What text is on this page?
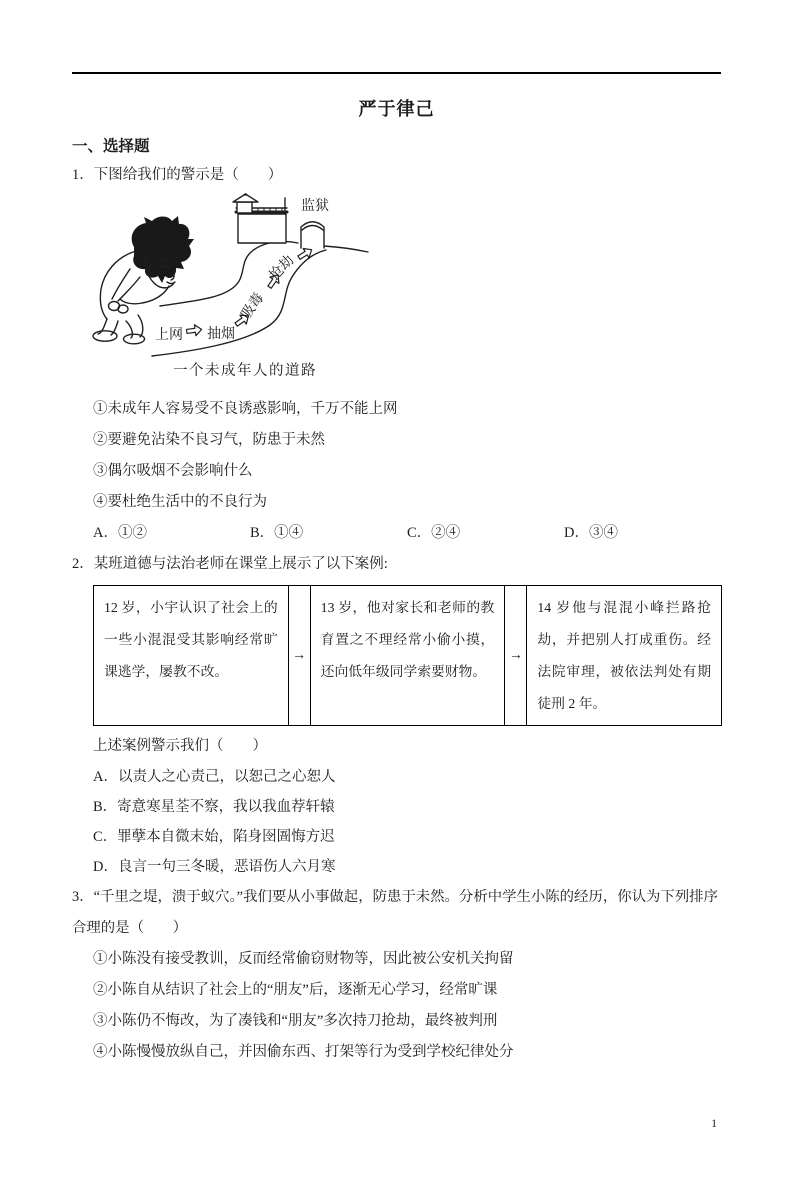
严于律己
一、选择题

1．下图给我们的警示是（　　）

上网 抽烟
吸毒
抢劫
监狱
一个未成年人的道路

①未成年人容易受不良诱惑影响，千万不能上网

②要避免沾染不良习气，防患于未然

③偶尔吸烟不会影响什么

④要杜绝生活中的不良行为

A．①②	B．①④	C．②④	D．③④

2．某班道德与法治老师在课堂上展示了以下案例:

12 岁，小宇认识了社会上的一些小混混受其影响经常旷课逃学，屡教不改。
→
13 岁，他对家长和老师的教育置之不理经常小偷小摸，还向低年级同学索要财物。
→
14 岁他与混混小峰拦路抢劫，并把别人打成重伤。经法院审理，被依法判处有期徒刑 2 年。

上述案例警示我们（　　）

A．以责人之心责己，以恕己之心恕人

B．寄意寒星荃不察，我以我血荐轩辕

C．罪孽本自微末始，陷身囹圄悔方迟

D．良言一句三冬暖，恶语伤人六月寒

3．“千里之堤，溃于蚁穴。”我们要从小事做起，防患于未然。分析中学生小陈的经历，你认为下列排序合理的是（　　）

①小陈没有接受教训，反而经常偷窃财物等，因此被公安机关拘留

②小陈自从结识了社会上的“朋友”后，逐渐无心学习，经常旷课

③小陈仍不悔改，为了凑钱和“朋友”多次持刀抢劫，最终被判刑

④小陈慢慢放纵自己，并因偷东西、打架等行为受到学校纪律处分

1
